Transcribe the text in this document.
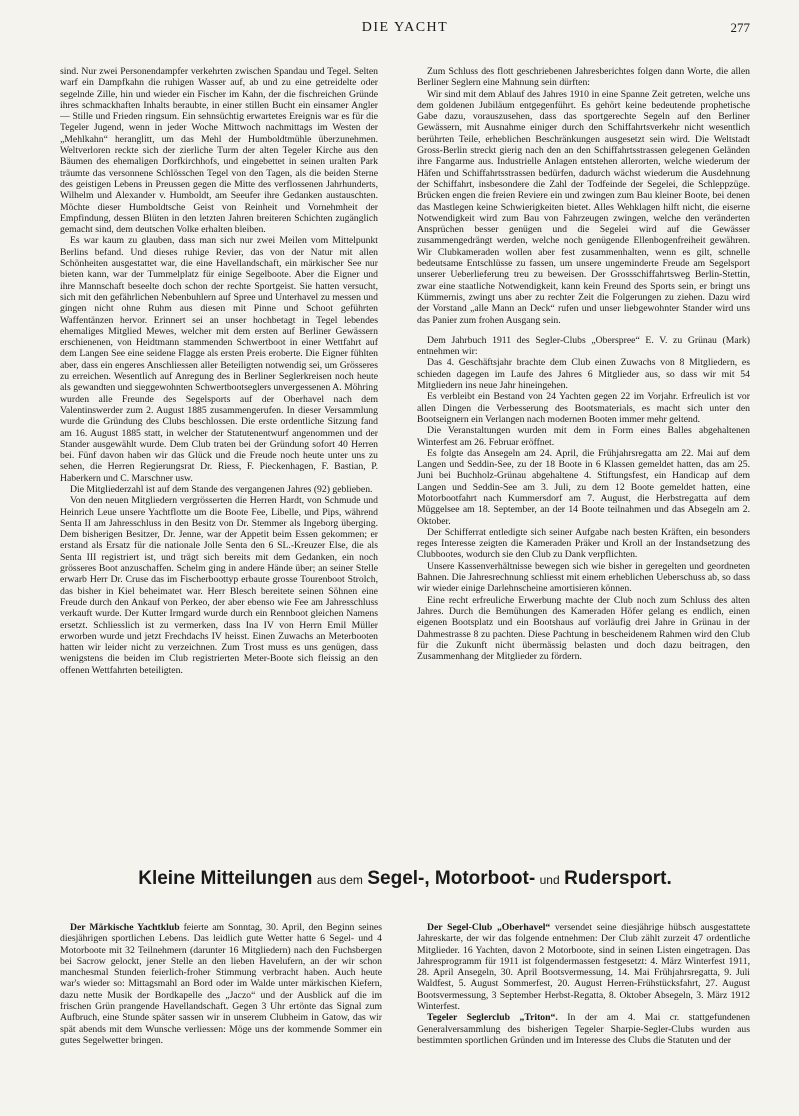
DIE YACHT	277

sind. Nur zwei Personendampfer verkehrten zwischen Spandau und Tegel. Selten warf ein Dampfkahn die ruhigen Wasser auf, ab und zu eine getreidelte oder segelnde Zille, hin und wieder ein Fischer im Kahn, der die fischreichen Gründe ihres schmackhaften Inhalts beraubte, in einer stillen Bucht ein einsamer Angler — Stille und Frieden ringsum. Ein sehnsüchtig erwartetes Ereignis war es für die Tegeler Jugend, wenn in jeder Woche Mittwoch nachmittags im Westen der „Mehlkahn“ heranglitt, um das Mehl der Humboldtmühle überzunehmen. Weltverloren reckte sich der zierliche Turm der alten Tegeler Kirche aus den Bäumen des ehemaligen Dorfkirchhofs, und eingebettet in seinen uralten Park träumte das versonnene Schlösschen Tegel von den Tagen, als die beiden Sterne des geistigen Lebens in Preussen gegen die Mitte des verflossenen Jahrhunderts, Wilhelm und Alexander v. Humboldt, am Seeufer ihre Gedanken austauschten. Möchte dieser Humboldtsche Geist von Reinheit und Vornehmheit der Empfindung, dessen Blüten in den letzten Jahren breiteren Schichten zugänglich gemacht sind, dem deutschen Volke erhalten bleiben.

Es war kaum zu glauben, dass man sich nur zwei Meilen vom Mittelpunkt Berlins befand. Und dieses ruhige Revier, das von der Natur mit allen Schönheiten ausgestattet war, die eine Havellandschaft, ein märkischer See nur bieten kann, war der Tummelplatz für einige Segelboote. Aber die Eigner und ihre Mannschaft beseelte doch schon der rechte Sportgeist. Sie hatten versucht, sich mit den gefährlichen Nebenbuhlern auf Spree und Unterhavel zu messen und gingen nicht ohne Ruhm aus diesen mit Pinne und Schoot geführten Waffentänzen hervor. Erinnert sei an unser hochbetagt in Tegel lebendes ehemaliges Mitglied Mewes, welcher mit dem ersten auf Berliner Gewässern erschienenen, von Heidtmann stammenden Schwertboot in einer Wettfahrt auf dem Langen See eine seidene Flagge als ersten Preis eroberte. Die Eigner fühlten aber, dass ein engeres Anschliessen aller Beteiligten notwendig sei, um Grösseres zu erreichen. Wesentlich auf Anregung des in Berliner Seglerkreisen noch heute als gewandten und sieggewohnten Schwertbootseglers unvergessenen A. Möhring wurden alle Freunde des Segelsports auf der Oberhavel nach dem Valentinswerder zum 2. August 1885 zusammengerufen. In dieser Versammlung wurde die Gründung des Clubs beschlossen. Die erste ordentliche Sitzung fand am 16. August 1885 statt, in welcher der Statutenentwurf angenommen und der Stander ausgewählt wurde. Dem Club traten bei der Gründung sofort 40 Herren bei. Fünf davon haben wir das Glück und die Freude noch heute unter uns zu sehen, die Herren Regierungsrat Dr. Riess, F. Pieckenhagen, F. Bastian, P. Haberkern und C. Marschner usw.

Die Mitgliederzahl ist auf dem Stande des vergangenen Jahres (92) geblieben.

Von den neuen Mitgliedern vergrösserten die Herren Hardt, von Schmude und Heinrich Leue unsere Yachtflotte um die Boote Fee, Libelle, und Pips, während Senta II am Jahresschluss in den Besitz von Dr. Stemmer als Ingeborg überging. Dem bisherigen Besitzer, Dr. Jenne, war der Appetit beim Essen gekommen; er erstand als Ersatz für die nationale Jolle Senta den 6 SL.-Kreuzer Else, die als Senta III registriert ist, und trägt sich bereits mit dem Gedanken, ein noch grösseres Boot anzuschaffen. Schelm ging in andere Hände über; an seiner Stelle erwarb Herr Dr. Cruse das im Fischerboottyp erbaute grosse Tourenboot Strolch, das bisher in Kiel beheimatet war. Herr Blesch bereitete seinen Söhnen eine Freude durch den Ankauf von Perkeo, der aber ebenso wie Fee am Jahresschluss verkauft wurde. Der Kutter Irmgard wurde durch ein Rennboot gleichen Namens ersetzt. Schliesslich ist zu vermerken, dass Ina IV von Herrn Emil Müller erworben wurde und jetzt Frechdachs IV heisst. Einen Zuwachs an Meterbooten hatten wir leider nicht zu verzeichnen. Zum Trost muss es uns genügen, dass wenigstens die beiden im Club registrierten Meter-Boote sich fleissig an den offenen Wettfahrten beteiligten.

Zum Schluss des flott geschriebenen Jahresberichtes folgen dann Worte, die allen Berliner Seglern eine Mahnung sein dürften:

Wir sind mit dem Ablauf des Jahres 1910 in eine Spanne Zeit getreten, welche uns dem goldenen Jubiläum entgegenführt. Es gehört keine bedeutende prophetische Gabe dazu, vorauszusehen, dass das sportgerechte Segeln auf den Berliner Gewässern, mit Ausnahme einiger durch den Schiffahrtsverkehr nicht wesentlich berührten Teile, erheblichen Beschränkungen ausgesetzt sein wird. Die Weltstadt Gross-Berlin streckt gierig nach den an den Schiffahrtsstrassen gelegenen Geländen ihre Fangarme aus. Industrielle Anlagen entstehen allerorten, welche wiederum der Häfen und Schiffahrtsstrassen bedürfen, dadurch wächst wiederum die Ausdehnung der Schiffahrt, insbesondere die Zahl der Todfeinde der Segelei, die Schleppzüge. Brücken engen die freien Reviere ein und zwingen zum Bau kleiner Boote, bei denen das Mastlegen keine Schwierigkeiten bietet. Alles Wehklagen hilft nicht, die eiserne Notwendigkeit wird zum Bau von Fahrzeugen zwingen, welche den veränderten Ansprüchen besser genügen und die Segelei wird auf die Gewässer zusammengedrängt werden, welche noch genügende Ellenbogenfreiheit gewähren. Wir Clubkameraden wollen aber fest zusammenhalten, wenn es gilt, schnelle bedeutsame Entschlüsse zu fassen, um unsere ungeminderte Freude am Segelsport unserer Ueberlieferung treu zu beweisen. Der Grossschiffahrtsweg Berlin-Stettin, zwar eine staatliche Notwendigkeit, kann kein Freund des Sports sein, er bringt uns Kümmernis, zwingt uns aber zu rechter Zeit die Folgerungen zu ziehen. Dazu wird der Vorstand „alle Mann an Deck“ rufen und unser liebgewohnter Stander wird uns das Panier zum frohen Ausgang sein.

Dem Jahrbuch 1911 des Segler-Clubs „Oberspree“ E. V. zu Grünau (Mark) entnehmen wir:

Das 4. Geschäftsjahr brachte dem Club einen Zuwachs von 8 Mitgliedern, es schieden dagegen im Laufe des Jahres 6 Mitglieder aus, so dass wir mit 54 Mitgliedern ins neue Jahr hineingehen.

Es verbleibt ein Bestand von 24 Yachten gegen 22 im Vorjahr. Erfreulich ist vor allen Dingen die Verbesserung des Bootsmaterials, es macht sich unter den Bootseignern ein Verlangen nach modernen Booten immer mehr geltend.

Die Veranstaltungen wurden mit dem in Form eines Balles abgehaltenen Winterfest am 26. Februar eröffnet.

Es folgte das Ansegeln am 24. April, die Frühjahrsregatta am 22. Mai auf dem Langen und Seddin-See, zu der 18 Boote in 6 Klassen gemeldet hatten, das am 25. Juni bei Buchholz-Grünau abgehaltene 4. Stiftungsfest, ein Handicap auf dem Langen und Seddin-See am 3. Juli, zu dem 12 Boote gemeldet hatten, eine Motorbootfahrt nach Kummersdorf am 7. August, die Herbstregatta auf dem Müggelsee am 18. September, an der 14 Boote teilnahmen und das Absegeln am 2. Oktober.

Der Schifferrat entledigte sich seiner Aufgabe nach besten Kräften, ein besonders reges Interesse zeigten die Kameraden Präker und Kroll an der Instandsetzung des Clubbootes, wodurch sie den Club zu Dank verpflichten.

Unsere Kassenverhältnisse bewegen sich wie bisher in geregelten und geordneten Bahnen. Die Jahresrechnung schliesst mit einem erheblichen Ueberschuss ab, so dass wir wieder einige Darlehnscheine amortisieren können.

Eine recht erfreuliche Erwerbung machte der Club noch zum Schluss des alten Jahres. Durch die Bemühungen des Kameraden Höfer gelang es endlich, einen eigenen Bootsplatz und ein Bootshaus auf vorläufig drei Jahre in Grünau in der Dahmestrasse 8 zu pachten. Diese Pachtung in bescheidenem Rahmen wird den Club für die Zukunft nicht übermässig belasten und doch dazu beitragen, den Zusammenhang der Mitglieder zu fördern.

Kleine Mitteilungen aus dem Segel-, Motorboot- und Rudersport.

Der Märkische Yachtklub feierte am Sonntag, 30. April, den Beginn seines diesjährigen sportlichen Lebens. Das leidlich gute Wetter hatte 6 Segel- und 4 Motorboote mit 32 Teilnehmern (darunter 16 Mitgliedern) nach den Fuchsbergen bei Sacrow gelockt, jener Stelle an den lieben Havelufern, an der wir schon manchesmal Stunden feierlich-froher Stimmung verbracht haben. Auch heute war's wieder so: Mittagsmahl an Bord oder im Walde unter märkischen Kiefern, dazu nette Musik der Bordkapelle des „Jaczo“ und der Ausblick auf die im frischen Grün prangende Havellandschaft. Gegen 3 Uhr ertönte das Signal zum Aufbruch, eine Stunde später sassen wir in unserem Clubheim in Gatow, das wir spät abends mit dem Wunsche verliessen: Möge uns der kommende Sommer ein gutes Segelwetter bringen.

Der Segel-Club „Oberhavel“ versendet seine diesjährige hübsch ausgestattete Jahreskarte, der wir das folgende entnehmen: Der Club zählt zurzeit 47 ordentliche Mitglieder. 16 Yachten, davon 2 Motorboote, sind in seinen Listen eingetragen. Das Jahresprogramm für 1911 ist folgendermassen festgesetzt: 4. März Winterfest 1911, 28. April Ansegeln, 30. April Bootsvermessung, 14. Mai Frühjahrsregatta, 9. Juli Waldfest, 5. August Sommerfest, 20. August Herren-Frühstücksfahrt, 27. August Bootsvermessung, 3 September Herbst-Regatta, 8. Oktober Absegeln, 3. März 1912 Winterfest.

Tegeler Seglerclub „Triton“. In der am 4. Mai cr. stattgefundenen Generalversammlung des bisherigen Tegeler Sharpie-Segler-Clubs wurden aus bestimmten sportlichen Gründen und im Interesse des Clubs die Statuten und der
